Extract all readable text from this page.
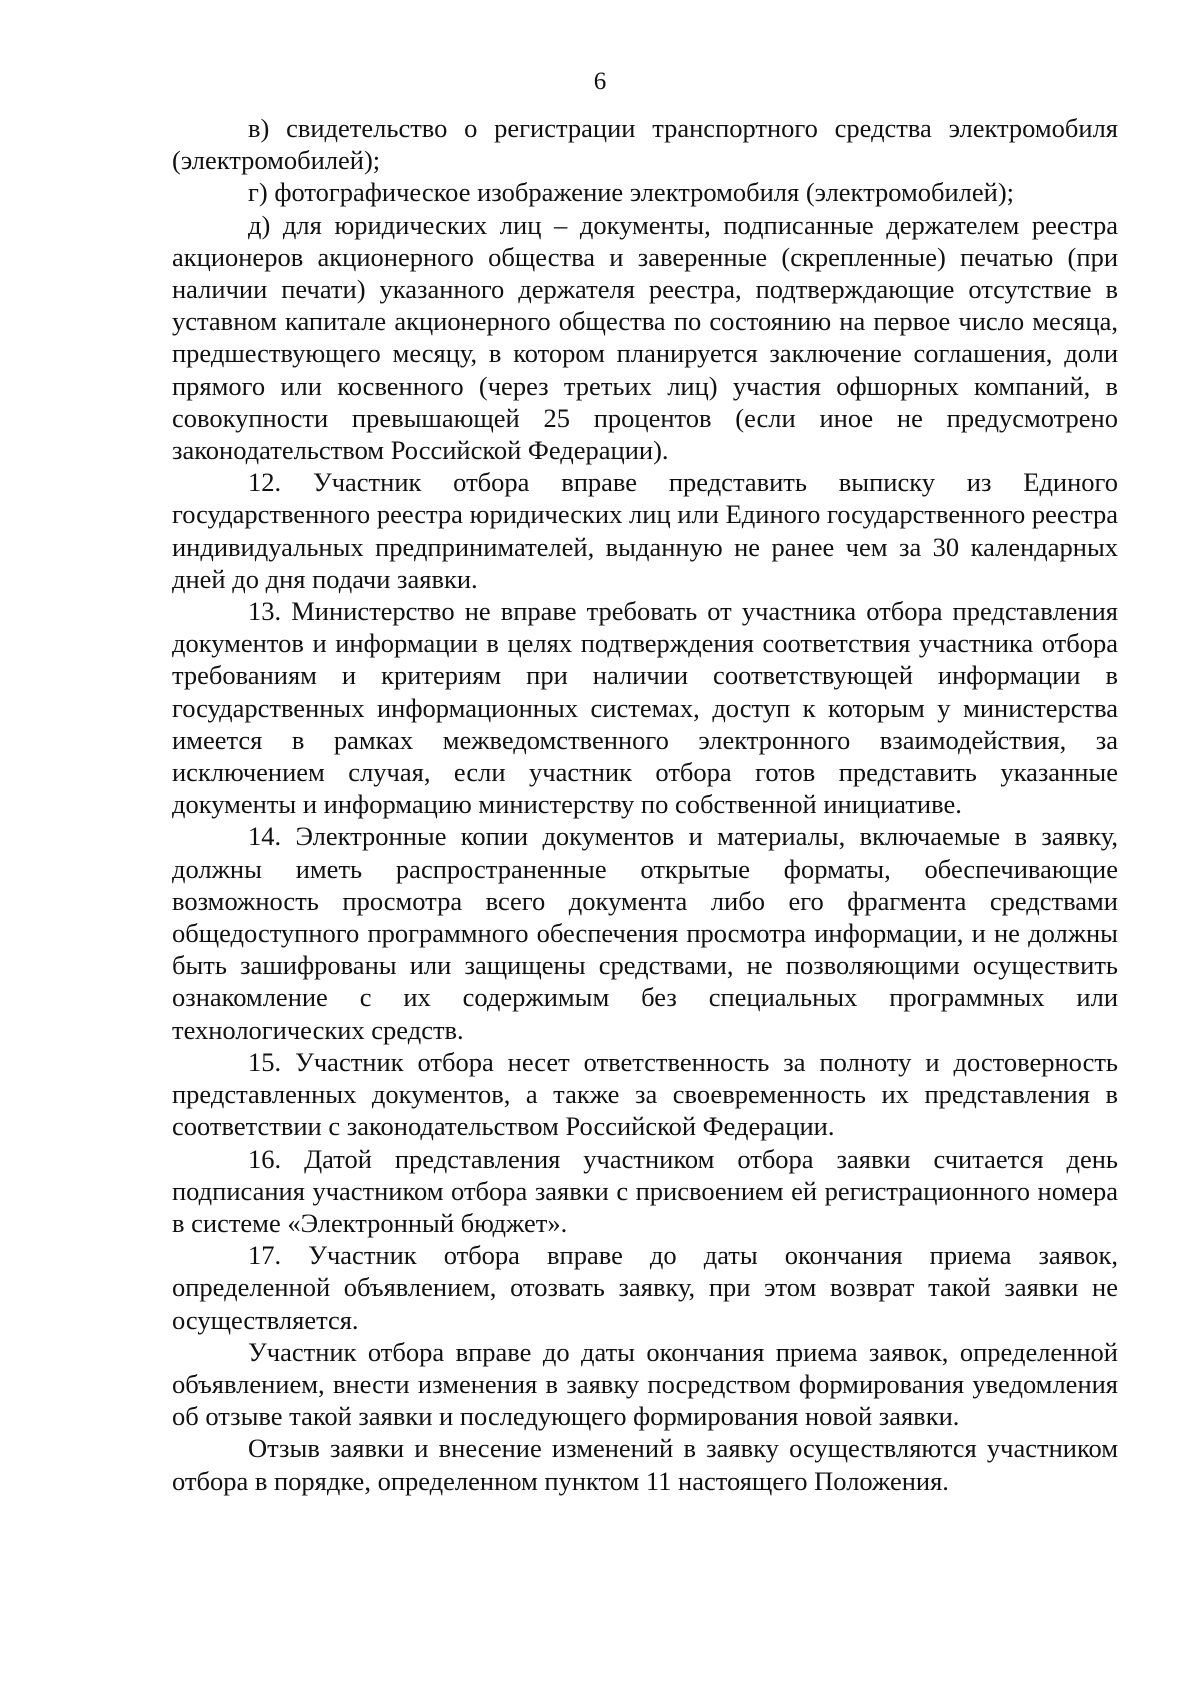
6

в) свидетельство о регистрации транспортного средства электромобиля (электромобилей);

г) фотографическое изображение электромобиля (электромобилей);

д) для юридических лиц – документы, подписанные держателем реестра акционеров акционерного общества и заверенные (скрепленные) печатью (при наличии печати) указанного держателя реестра, подтверждающие отсутствие в уставном капитале акционерного общества по состоянию на первое число месяца, предшествующего месяцу, в котором планируется заключение соглашения, доли прямого или косвенного (через третьих лиц) участия офшорных компаний, в совокупности превышающей 25 процентов (если иное не предусмотрено законодательством Российской Федерации).

12. Участник отбора вправе представить выписку из Единого государственного реестра юридических лиц или Единого государственного реестра индивидуальных предпринимателей, выданную не ранее чем за 30 календарных дней до дня подачи заявки.

13. Министерство не вправе требовать от участника отбора представления документов и информации в целях подтверждения соответствия участника отбора требованиям и критериям при наличии соответствующей информации в государственных информационных системах, доступ к которым у министерства имеется в рамках межведомственного электронного взаимодействия, за исключением случая, если участник отбора готов представить указанные документы и информацию министерству по собственной инициативе.

14. Электронные копии документов и материалы, включаемые в заявку, должны иметь распространенные открытые форматы, обеспечивающие возможность просмотра всего документа либо его фрагмента средствами общедоступного программного обеспечения просмотра информации, и не должны быть зашифрованы или защищены средствами, не позволяющими осуществить ознакомление с их содержимым без специальных программных или технологических средств.

15. Участник отбора несет ответственность за полноту и достоверность представленных документов, а также за своевременность их представления в соответствии с законодательством Российской Федерации.

16. Датой представления участником отбора заявки считается день подписания участником отбора заявки с присвоением ей регистрационного номера в системе «Электронный бюджет».

17. Участник отбора вправе до даты окончания приема заявок, определенной объявлением, отозвать заявку, при этом возврат такой заявки не осуществляется.

Участник отбора вправе до даты окончания приема заявок, определенной объявлением, внести изменения в заявку посредством формирования уведомления об отзыве такой заявки и последующего формирования новой заявки.

Отзыв заявки и внесение изменений в заявку осуществляются участником отбора в порядке, определенном пунктом 11 настоящего Положения.
